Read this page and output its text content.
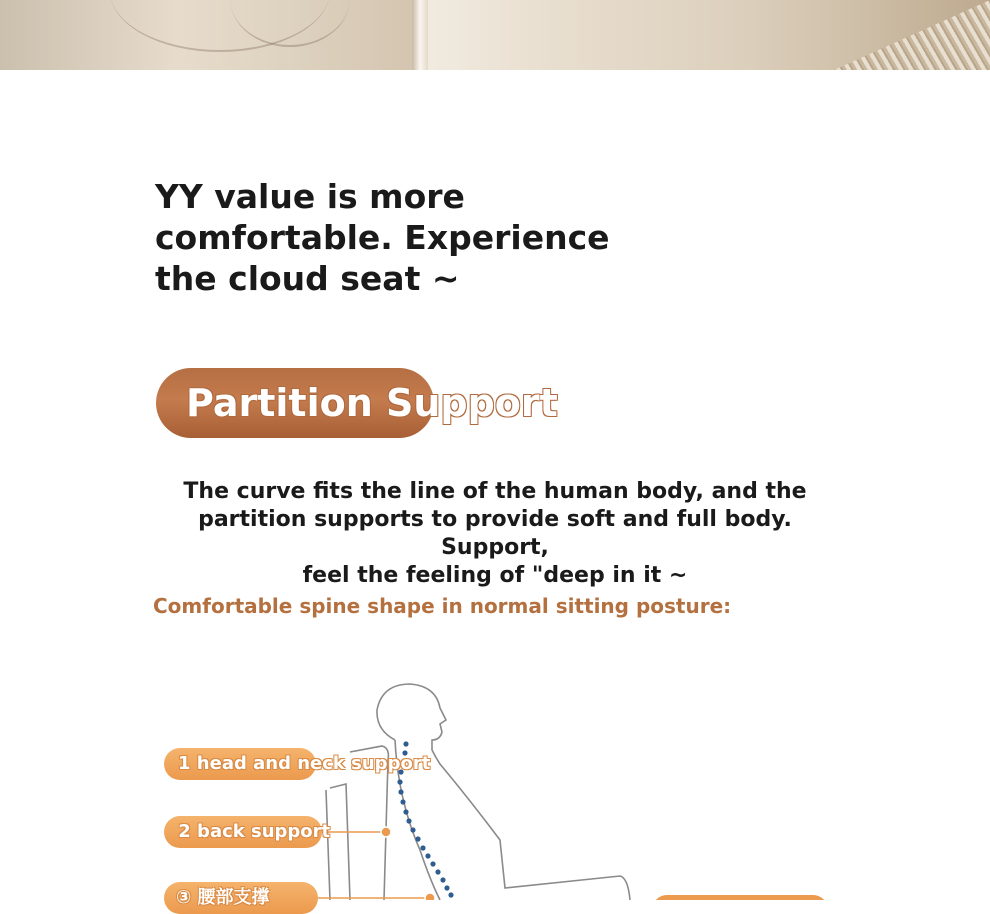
YY value is more
comfortable. Experience
the cloud seat ~

Partition Support

The curve fits the line of the human body, and the
partition supports to provide soft and full body. Support,
feel the feeling of "deep in it ~

Comfortable spine shape in normal sitting posture:

1 head and neck support
2 back support
③ 腰部支撑
